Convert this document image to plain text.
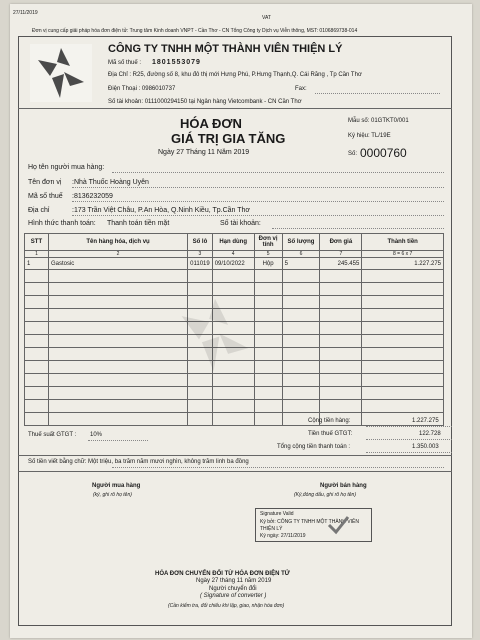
27/11/2019
VAT
Đơn vị cung cấp giải pháp hóa đơn điện tử: Trung tâm Kinh doanh VNPT - Cần Thơ - CN Tổng Công ty Dịch vụ Viễn thông, MST: 0106869738-014
CÔNG TY TNHH MỘT THÀNH VIÊN THIỆN LÝ
Mã số thuế : 1801553079
Địa Chỉ : R25, đường số 8, khu đô thị mới Hưng Phú, P.Hưng Thạnh,Q. Cái Răng , Tp Cần Thơ
Điện Thoại : 0986010737	Fax:
Số tài khoản: 0111000294150 tại Ngân hàng Vietcombank - CN Cần Thơ
HÓA ĐƠN
GIÁ TRỊ GIA TĂNG
Ngày 27 Tháng 11 Năm 2019
Mẫu số: 01GTKT0/001
Ký hiệu: TL/19E
Số: 0000760
Họ tên người mua hàng:
Tên đơn vị :Nhà Thuốc Hoàng Uyên
Mã số thuế :8136232059
Địa chỉ	:173 Trần Việt Châu, P.An Hòa, Q.Ninh Kiều, Tp.Cần Thơ
Hình thức thanh toán: Thanh toán tiền mặt	Số tài khoản:
STT	Tên hàng hóa, dịch vụ	Số lô	Hạn dùng	Đơn vị tính	Số lượng	Đơn giá	Thành tiền
1	2	3	4	5	6	7	8 = 6 x 7
1	Gastosic	011019	09/10/2022	Hộp	5	245.455	1.227.275

Cộng tiền hàng:	1.227.275
Thuế suất GTGT : 10%	Tiền thuế GTGT:	122.728
Tổng cộng tiền thanh toán :	1.350.003
Số tiền viết bằng chữ: Một triệu, ba trăm năm mươi nghìn, không trăm linh ba đồng
Người mua hàng
(ký, ghi rõ họ tên)
Người bán hàng
(Ký,đóng dấu, ghi rõ họ tên)
Signature Valid
Ký bởi: CÔNG TY TNHH MỘT THÀNH VIÊN
THIỆN LÝ
Ký ngày: 27/11/2019
HÓA ĐƠN CHUYỂN ĐỔI TỪ HÓA ĐƠN ĐIỆN TỬ
Ngày 27 tháng 11 năm 2019
Người chuyển đổi
( Signature of converter )
(Cần kiểm tra, đối chiếu khi lập, giao, nhận hóa đơn)
